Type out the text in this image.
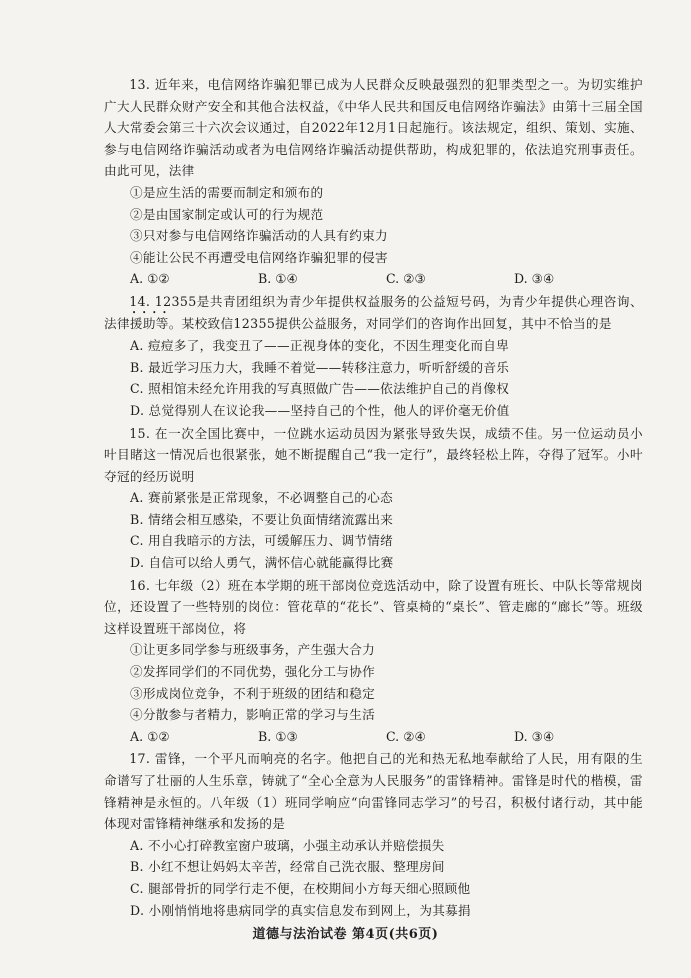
13. 近年来，电信网络诈骗犯罪已成为人民群众反映最强烈的犯罪类型之一。为切实维护广大人民群众财产安全和其他合法权益，《中华人民共和国反电信网络诈骗法》由第十三届全国人大常委会第三十六次会议通过，自2022年12月1日起施行。该法规定，组织、策划、实施、参与电信网络诈骗活动或者为电信网络诈骗活动提供帮助，构成犯罪的，依法追究刑事责任。由此可见，法律
①是应生活的需要而制定和颁布的
②是由国家制定或认可的行为规范
③只对参与电信网络诈骗活动的人具有约束力
④能让公民不再遭受电信网络诈骗犯罪的侵害
A. ①②	B. ①④	C. ②③	D. ③④
14. 12355是共青团组织为青少年提供权益服务的公益短号码，为青少年提供心理咨询、法律援助等。某校致信12355提供公益服务，对同学们的咨询作出回复，其中不恰当的是
••••
A. 痘痘多了，我变丑了——正视身体的变化，不因生理变化而自卑
B. 最近学习压力大，我睡不着觉——转移注意力，听听舒缓的音乐
C. 照相馆未经允许用我的写真照做广告——依法维护自己的肖像权
D. 总觉得别人在议论我——坚持自己的个性，他人的评价毫无价值
15. 在一次全国比赛中，一位跳水运动员因为紧张导致失误，成绩不佳。另一位运动员小叶目睹这一情况后也很紧张，她不断提醒自己“我一定行”，最终轻松上阵，夺得了冠军。小叶夺冠的经历说明
A. 赛前紧张是正常现象，不必调整自己的心态
B. 情绪会相互感染，不要让负面情绪流露出来
C. 用自我暗示的方法，可缓解压力、调节情绪
D. 自信可以给人勇气，满怀信心就能赢得比赛
16. 七年级（2）班在本学期的班干部岗位竞选活动中，除了设置有班长、中队长等常规岗位，还设置了一些特别的岗位：管花草的“花长”、管桌椅的“桌长”、管走廊的“廊长”等。班级这样设置班干部岗位，将
①让更多同学参与班级事务，产生强大合力
②发挥同学们的不同优势，强化分工与协作
③形成岗位竞争，不利于班级的团结和稳定
④分散参与者精力，影响正常的学习与生活
A. ①②	B. ①③	C. ②④	D. ③④
17. 雷锋，一个平凡而响亮的名字。他把自己的光和热无私地奉献给了人民，用有限的生命谱写了壮丽的人生乐章，铸就了“全心全意为人民服务”的雷锋精神。雷锋是时代的楷模，雷锋精神是永恒的。八年级（1）班同学响应“向雷锋同志学习”的号召，积极付诸行动，其中能体现对雷锋精神继承和发扬的是
A. 不小心打碎教室窗户玻璃，小强主动承认并赔偿损失
B. 小红不想让妈妈太辛苦，经常自己洗衣服、整理房间
C. 腿部骨折的同学行走不便，在校期间小方每天细心照顾他
D. 小刚悄悄地将患病同学的真实信息发布到网上，为其募捐
道德与法治试卷 第4页(共6页)
